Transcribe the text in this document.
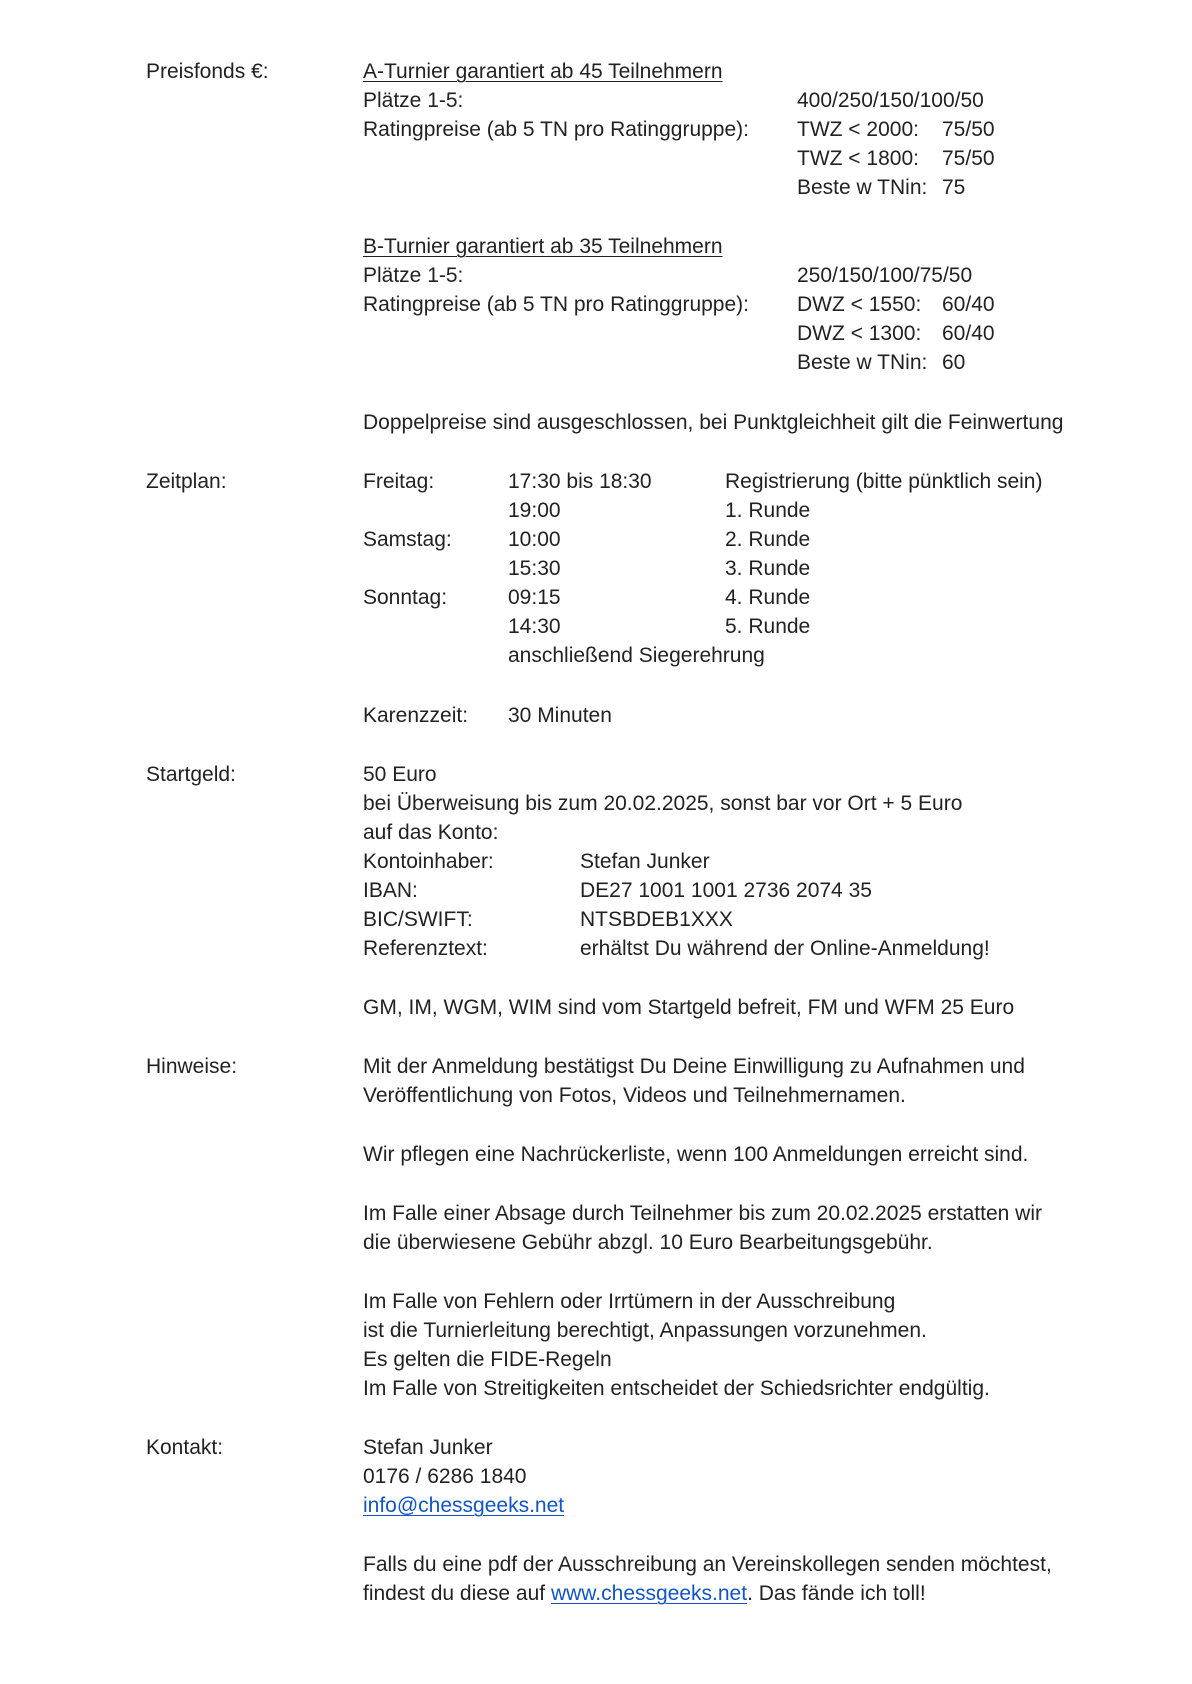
Preisfonds €:	A-Turnier garantiert ab 45 Teilnehmern
Plätze 1-5:	400/250/150/100/50
Ratingpreise (ab 5 TN pro Ratinggruppe): TWZ < 2000: 75/50
TWZ < 1800: 75/50
Beste w TNin: 75
B-Turnier garantiert ab 35 Teilnehmern
Plätze 1-5:	250/150/100/75/50
Ratingpreise (ab 5 TN pro Ratinggruppe): DWZ < 1550: 60/40
DWZ < 1300: 60/40
Beste w TNin: 60
Doppelpreise sind ausgeschlossen, bei Punktgleichheit gilt die Feinwertung
Zeitplan:	Freitag:	17:30 bis 18:30	Registrierung (bitte pünktlich sein)
19:00	1. Runde
Samstag:	10:00	2. Runde
15:30	3. Runde
Sonntag:	09:15	4. Runde
14:30	5. Runde
anschließend Siegerehrung
Karenzzeit: 30 Minuten
Startgeld:	50 Euro
bei Überweisung bis zum 20.02.2025, sonst bar vor Ort + 5 Euro
auf das Konto:
Kontoinhaber:	Stefan Junker
IBAN:	DE27 1001 1001 2736 2074 35
BIC/SWIFT:	NTSBDEB1XXX
Referenztext:	erhältst Du während der Online-Anmeldung!
GM, IM, WGM, WIM sind vom Startgeld befreit, FM und WFM 25 Euro
Hinweise:	Mit der Anmeldung bestätigst Du Deine Einwilligung zu Aufnahmen und
Veröffentlichung von Fotos, Videos und Teilnehmernamen.
Wir pflegen eine Nachrückerliste, wenn 100 Anmeldungen erreicht sind.
Im Falle einer Absage durch Teilnehmer bis zum 20.02.2025 erstatten wir
die überwiesene Gebühr abzgl. 10 Euro Bearbeitungsgebühr.
Im Falle von Fehlern oder Irrtümern in der Ausschreibung
ist die Turnierleitung berechtigt, Anpassungen vorzunehmen.
Es gelten die FIDE-Regeln
Im Falle von Streitigkeiten entscheidet der Schiedsrichter endgültig.
Kontakt:	Stefan Junker
0176 / 6286 1840
info@chessgeeks.net
Falls du eine pdf der Ausschreibung an Vereinskollegen senden möchtest,
findest du diese auf www.chessgeeks.net. Das fände ich toll!
